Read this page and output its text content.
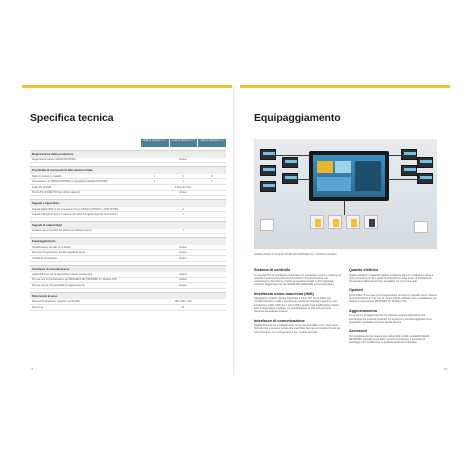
Specifica tecnica	Equipaggiamento
SIMA 20 SERVER PC 1	SIMA 20 SERVER PC 2	SIMA 20 SERVER PC 3
Registrazione della produzione
Registrazione tramite SIGMA NETWORK	Incluso
Possibilità di connessione alla stazione finale
Stallo di prodotti in modalità	1	4	8
Connessione con SIGMA CONTROL e integrazione SIGMA NETWORK	4	1	7
Indice PC di SIMA	Incluso in ticket
Prezzo PC di SIMA TSC (per ordine sistema)	Incluso
Segnali e input liberi
Segnali digitali SDS (si più connessioni di rete SIGMA CONTROL, LOOP PCP55)	4
Segnali analogici di ritorno / rotazione dei valori di segnali (ingresso di pressione)	2
Segnali di output liberi
Indicatore per il controllo del sistema (condizioni esterni)	1
Equipaggiamento
Visualizzazione dei dati con il display	Incluso
Memoria di registrazione ad alta capacità (1 anno)	Incluso
Contatti di connessione	Incluso
Interfacce di comunicazione
Gigabit Ethernet per la supervisione tramite browser web	Incluso
Per una rete di comunicazione per PROFIBUS DP, PROFINET IO, Modbus TCP	Incluso
Slot per schede SD (ampliabili per aggiornamenti)	Incluso
Dimensioni & peso
Dimensioni (larghezza x altezza x profondità)	480 x 380 x 180
Peso in kg	22
14	15
Quadro elettrico di comando SIGMA AIR MANAGER 4.0 - Dotazione standard
Sistema di controllo
Lo speciale PC ad architettura industriale con processore veloce è conforme ai requisiti di potenza dei processi di controllo e di comunicazione dei compressori e del sistema. Il sistema operativo basato su PC industriale consente l'aggiornamento del SIGMA AIR MANAGER senza interruzioni.
Interfaccia uomo-macchina (HMI)
Navigazione intuitiva, display industriale a colori TFT da 12 pollici con retroilluminazione a LED e touchscreen resistente ai liquidi, capacitivo, con interfaccia a 1280 x 800 pixel, porta USB e quattro tasti multifunzione rotativi. LED di diagnostica e tastiera. La visualizzazione in stile web permette l'accesso da qualsiasi browser.
Interfacce di comunicazione
Gigabit Ethernet per il collegamento con la rete aziendale e con i web server. Servizio mail e accesso remoto alla macchina. Slot per connessioni di rete per comunicazione con i compressori e per i moduli opzionali.
Quadro elettrico
Quadro elettrico in materiale plastico resistente agli urti, ventilazione attiva e porta, protezione IP 54 e grado di protezione in base al tipo di installazione. Connessione Ethernet di serie, ampliabile per l'uso come hub.
Opzioni
Porta SIMA TS nel case per la supervisione remota con pannello touch. Sistemi di comunicazione in rete: bus di campo tramite software web e installazione per sistemi di supervisione PROFINET IO, Modbus TCP.
Aggiornamento
Le versioni e gli aggiornamenti del software vengono effettuati senza interruzione dei processi produttivi. Le funzioni e i pacchetti aggiuntivi sono acquisibili in qualsiasi momento tramite licenza.
Accessori
Per l'ampliamento del sistema sono disponibili moduli compatibili SIGMA NETWORK, pannelli di comando, sensori di pressione e accessori di montaggio per l'installazione in qualsiasi ambiente industriale.
